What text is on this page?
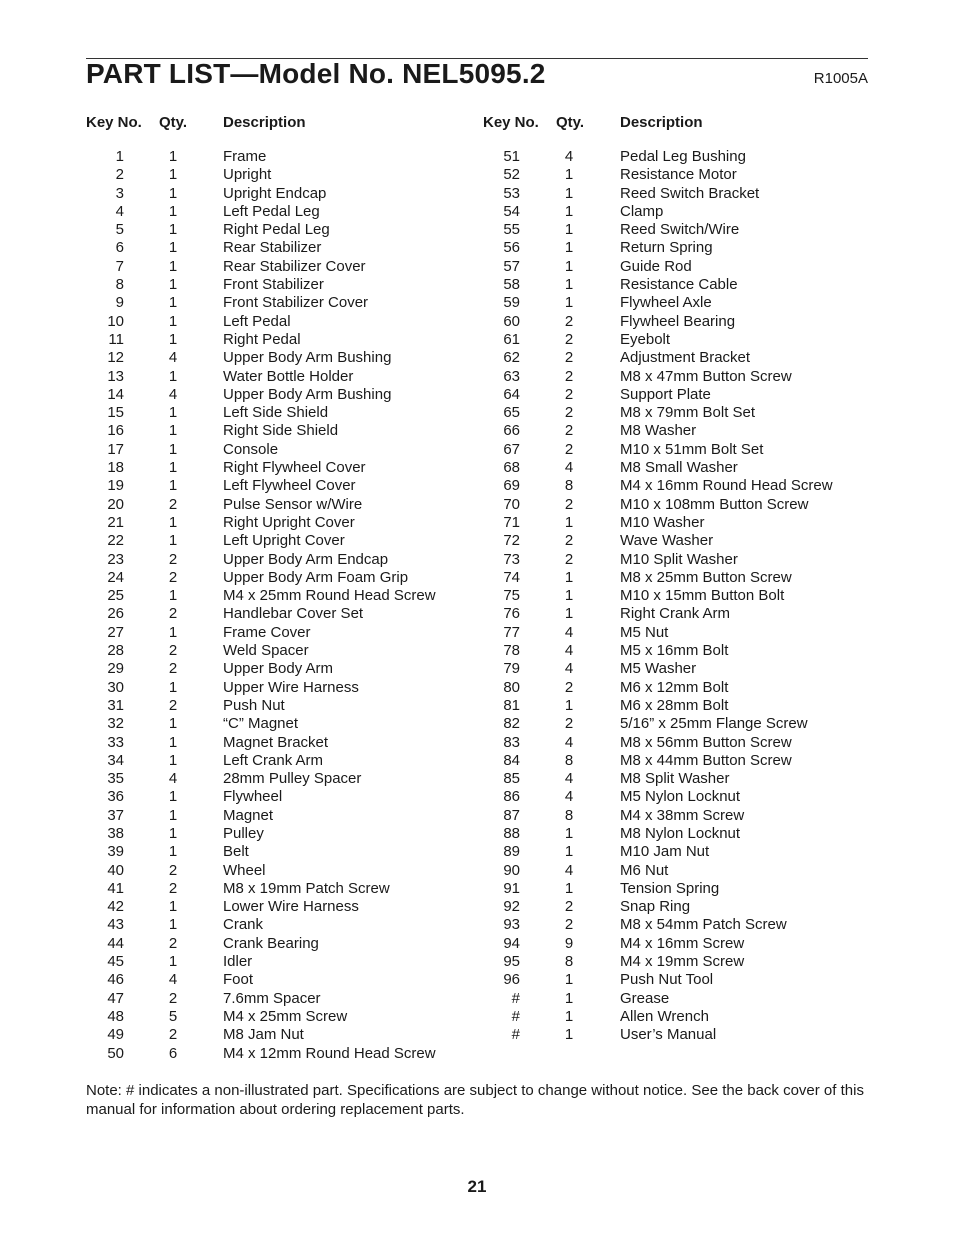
PART LIST—Model No. NEL5095.2	R1005A
Key No. Qty. Description
1	1	Frame
2	1	Upright
3	1	Upright Endcap
4	1	Left Pedal Leg
5	1	Right Pedal Leg
6	1	Rear Stabilizer
7	1	Rear Stabilizer Cover
8	1	Front Stabilizer
9	1	Front Stabilizer Cover
10	1	Left Pedal
11	1	Right Pedal
12	4	Upper Body Arm Bushing
13	1	Water Bottle Holder
14	4	Upper Body Arm Bushing
15	1	Left Side Shield
16	1	Right Side Shield
17	1	Console
18	1	Right Flywheel Cover
19	1	Left Flywheel Cover
20	2	Pulse Sensor w/Wire
21	1	Right Upright Cover
22	1	Left Upright Cover
23	2	Upper Body Arm Endcap
24	2	Upper Body Arm Foam Grip
25	1	M4 x 25mm Round Head Screw
26	2	Handlebar Cover Set
27	1	Frame Cover
28	2	Weld Spacer
29	2	Upper Body Arm
30	1	Upper Wire Harness
31	2	Push Nut
32	1	“C” Magnet
33	1	Magnet Bracket
34	1	Left Crank Arm
35	4	28mm Pulley Spacer
36	1	Flywheel
37	1	Magnet
38	1	Pulley
39	1	Belt
40	2	Wheel
41	2	M8 x 19mm Patch Screw
42	1	Lower Wire Harness
43	1	Crank
44	2	Crank Bearing
45	1	Idler
46	4	Foot
47	2	7.6mm Spacer
48	5	M4 x 25mm Screw
49	2	M8 Jam Nut
50	6	M4 x 12mm Round Head Screw
Key No. Qty. Description
51	4	Pedal Leg Bushing
52	1	Resistance Motor
53	1	Reed Switch Bracket
54	1	Clamp
55	1	Reed Switch/Wire
56	1	Return Spring
57	1	Guide Rod
58	1	Resistance Cable
59	1	Flywheel Axle
60	2	Flywheel Bearing
61	2	Eyebolt
62	2	Adjustment Bracket
63	2	M8 x 47mm Button Screw
64	2	Support Plate
65	2	M8 x 79mm Bolt Set
66	2	M8 Washer
67	2	M10 x 51mm Bolt Set
68	4	M8 Small Washer
69	8	M4 x 16mm Round Head Screw
70	2	M10 x 108mm Button Screw
71	1	M10 Washer
72	2	Wave Washer
73	2	M10 Split Washer
74	1	M8 x 25mm Button Screw
75	1	M10 x 15mm Button Bolt
76	1	Right Crank Arm
77	4	M5 Nut
78	4	M5 x 16mm Bolt
79	4	M5 Washer
80	2	M6 x 12mm Bolt
81	1	M6 x 28mm Bolt
82	2	5/16” x 25mm Flange Screw
83	4	M8 x 56mm Button Screw
84	8	M8 x 44mm Button Screw
85	4	M8 Split Washer
86	4	M5 Nylon Locknut
87	8	M4 x 38mm Screw
88	1	M8 Nylon Locknut
89	1	M10 Jam Nut
90	4	M6 Nut
91	1	Tension Spring
92	2	Snap Ring
93	2	M8 x 54mm Patch Screw
94	9	M4 x 16mm Screw
95	8	M4 x 19mm Screw
96	1	Push Nut Tool
#	1	Grease
#	1	Allen Wrench
#	1	User’s Manual
Note: # indicates a non-illustrated part. Specifications are subject to change without notice. See the back cover of this manual for information about ordering replacement parts.
21
